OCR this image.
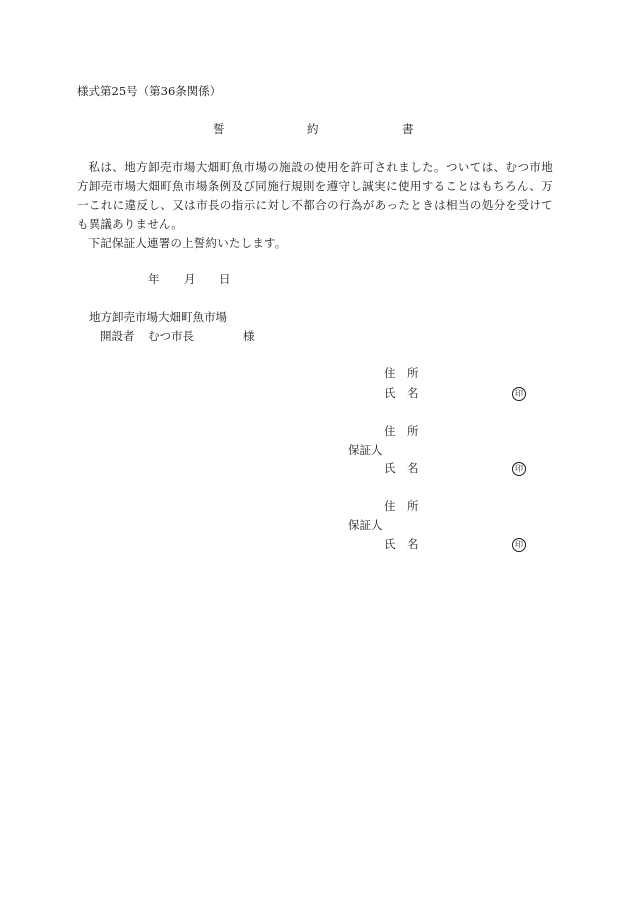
様式第25号（第36条関係）
誓	約	書
私は、地方卸売市場大畑町魚市場の施設の使用を許可されました。ついては、むつ市地方卸売市場大畑町魚市場条例及び同施行規則を遵守し誠実に使用することはもちろん、万一これに違反し、又は市長の指示に対し不都合の行為があったときは相当の処分を受けても異議ありません。
下記保証人連署の上誓約いたします。
年 月 日
地方卸売市場大畑町魚市場
開設者 むつ市長	様
住　所
氏　名	印
住　所
保証人
氏　名	印
住　所
保証人
氏　名	印
